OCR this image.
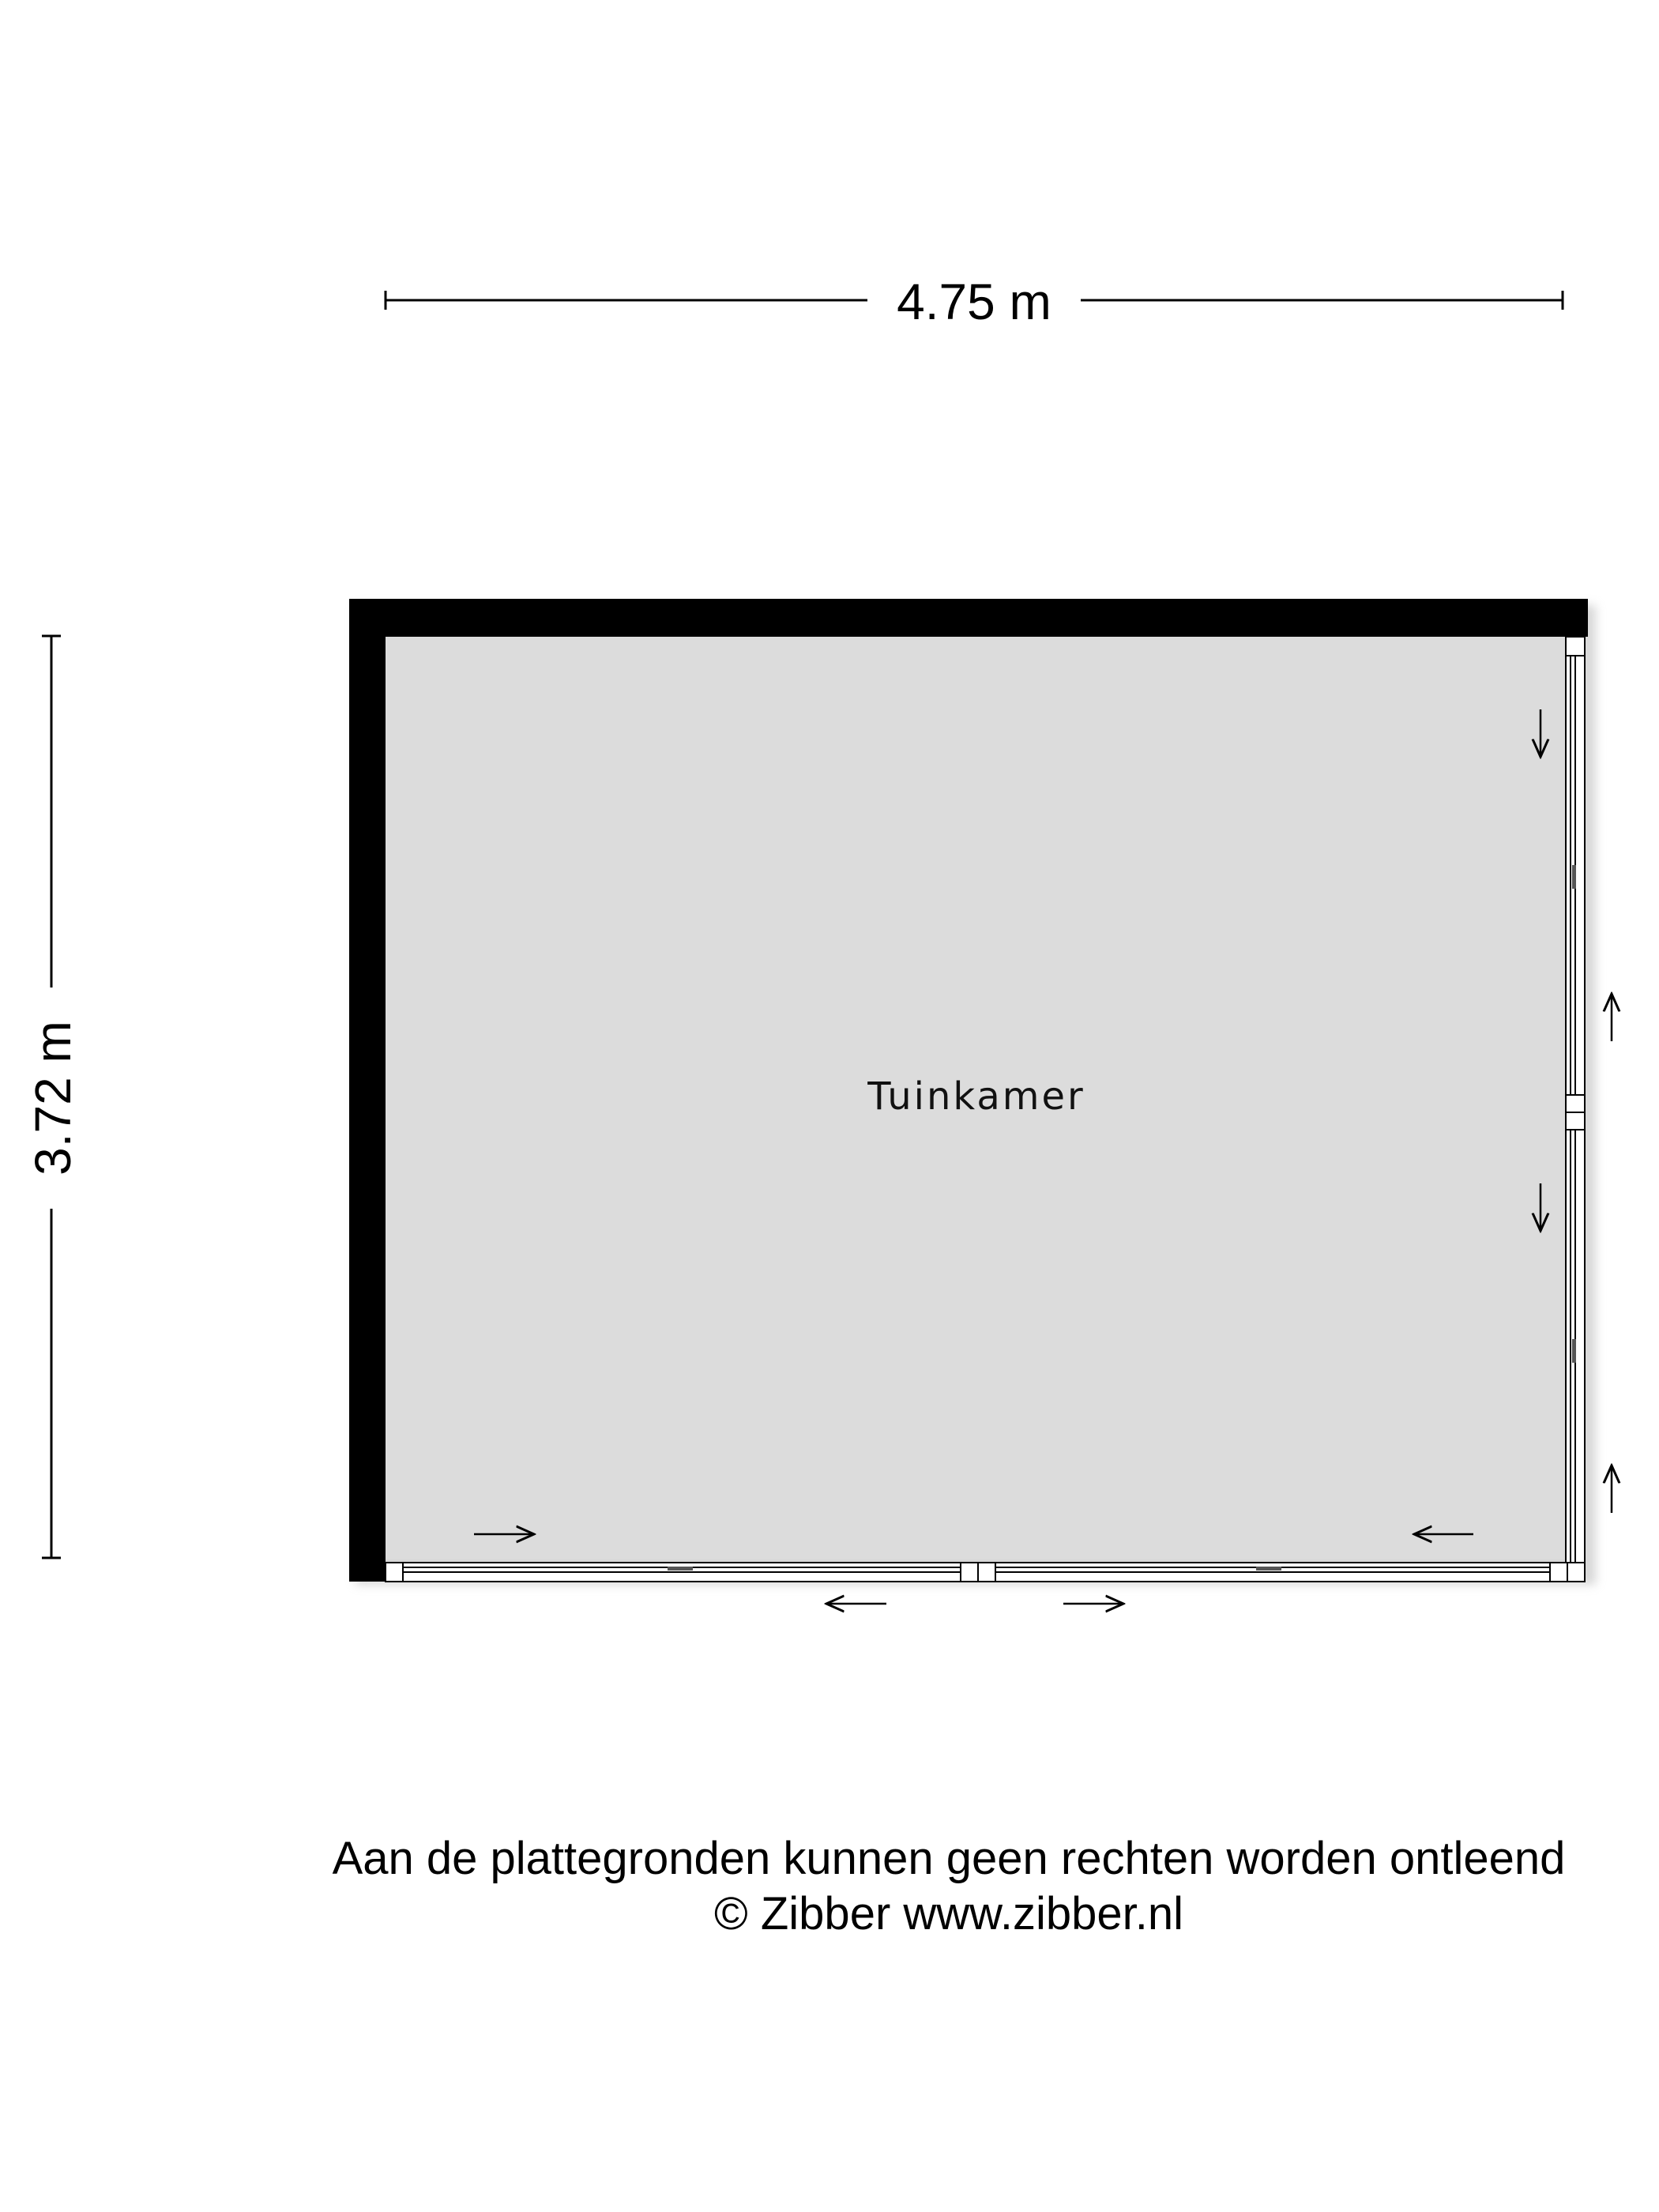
4.75 m
3.72 m	Tuinkamer
Aan de plattegronden kunnen geen rechten worden ontleend
© Zibber www.zibber.nl
